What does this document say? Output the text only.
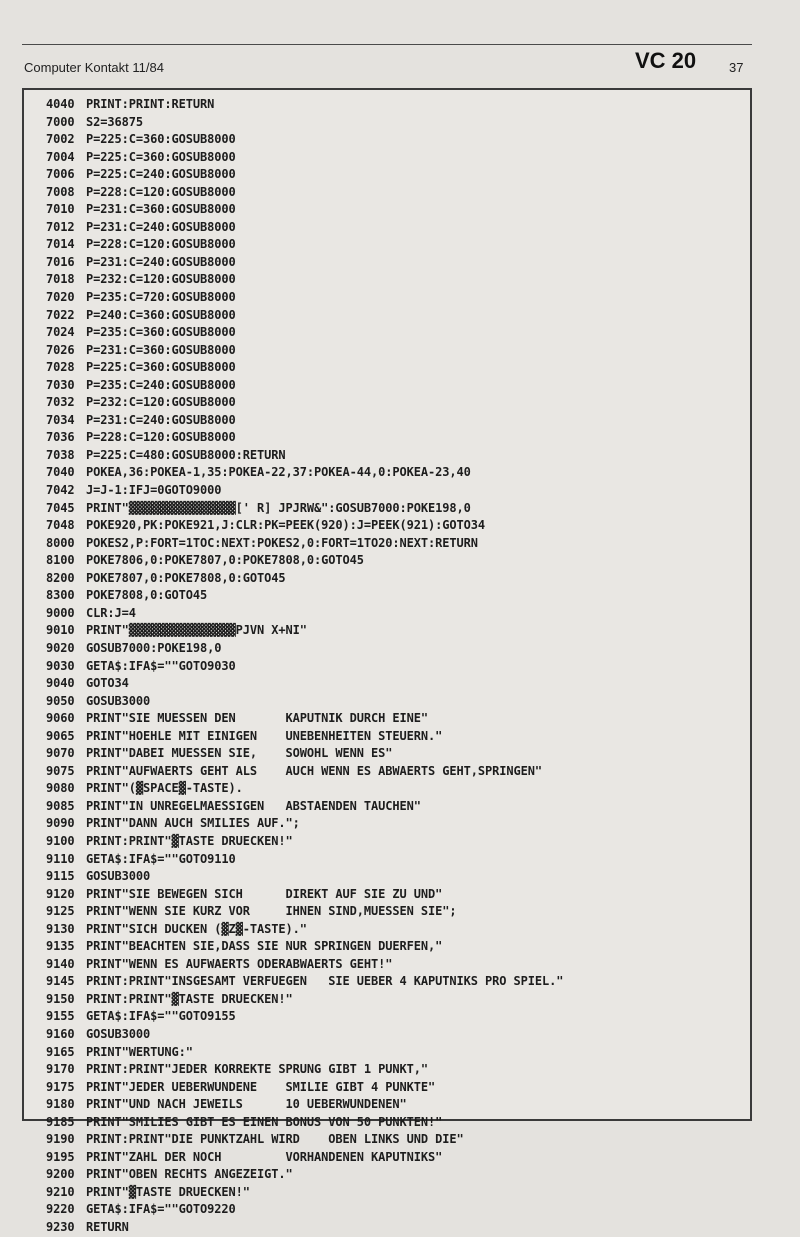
Computer Kontakt 11/84	VC 20	37
4040 PRINT:PRINT:RETURN
7000 S2=36875
7002 P=225:C=360:GOSUB8000
7004 P=225:C=360:GOSUB8000
7006 P=225:C=240:GOSUB8000
7008 P=228:C=120:GOSUB8000
7010 P=231:C=360:GOSUB8000
7012 P=231:C=240:GOSUB8000
7014 P=228:C=120:GOSUB8000
7016 P=231:C=240:GOSUB8000
7018 P=232:C=120:GOSUB8000
7020 P=235:C=720:GOSUB8000
7022 P=240:C=360:GOSUB8000
7024 P=235:C=360:GOSUB8000
7026 P=231:C=360:GOSUB8000
7028 P=225:C=360:GOSUB8000
7030 P=235:C=240:GOSUB8000
7032 P=232:C=120:GOSUB8000
7034 P=231:C=240:GOSUB8000
7036 P=228:C=120:GOSUB8000
7038 P=225:C=480:GOSUB8000:RETURN
7040 POKEA,36:POKEA-1,35:POKEA-22,37:POKEA-44,0:POKEA-23,40
7042 J=J-1:IFJ=0GOTO9000
7045 PRINT"▓▓▓▓▓▓▓▓▓▓▓▓▓▓▓[' R] JPJRW&":GOSUB7000:POKE198,0
7048 POKE920,PK:POKE921,J:CLR:PK=PEEK(920):J=PEEK(921):GOTO34
8000 POKES2,P:FORT=1TOC:NEXT:POKES2,0:FORT=1TO20:NEXT:RETURN
8100 POKE7806,0:POKE7807,0:POKE7808,0:GOTO45
8200 POKE7807,0:POKE7808,0:GOTO45
8300 POKE7808,0:GOTO45
9000 CLR:J=4
9010 PRINT"▓▓▓▓▓▓▓▓▓▓▓▓▓▓▓PJVN X+NI"
9020 GOSUB7000:POKE198,0
9030 GETA$:IFA$=""GOTO9030
9040 GOTO34
9050 GOSUB3000
9060 PRINT"SIE MUESSEN DEN       KAPUTNIK DURCH EINE"
9065 PRINT"HOEHLE MIT EINIGEN    UNEBENHEITEN STEUERN."
9070 PRINT"DABEI MUESSEN SIE,    SOWOHL WENN ES"
9075 PRINT"AUFWAERTS GEHT ALS    AUCH WENN ES ABWAERTS GEHT,SPRINGEN"
9080 PRINT"(▓SPACE▓-TASTE).
9085 PRINT"IN UNREGELMAESSIGEN   ABSTAENDEN TAUCHEN"
9090 PRINT"DANN AUCH SMILIES AUF.";
9100 PRINT:PRINT"▓TASTE DRUECKEN!"
9110 GETA$:IFA$=""GOTO9110
9115 GOSUB3000
9120 PRINT"SIE BEWEGEN SICH      DIREKT AUF SIE ZU UND"
9125 PRINT"WENN SIE KURZ VOR     IHNEN SIND,MUESSEN SIE";
9130 PRINT"SICH DUCKEN (▓Z▓-TASTE)."
9135 PRINT"BEACHTEN SIE,DASS SIE NUR SPRINGEN DUERFEN,"
9140 PRINT"WENN ES AUFWAERTS ODERABWAERTS GEHT!"
9145 PRINT:PRINT"INSGESAMT VERFUEGEN   SIE UEBER 4 KAPUTNIKS PRO SPIEL."
9150 PRINT:PRINT"▓TASTE DRUECKEN!"
9155 GETA$:IFA$=""GOTO9155
9160 GOSUB3000
9165 PRINT"WERTUNG:"
9170 PRINT:PRINT"JEDER KORREKTE SPRUNG GIBT 1 PUNKT,"
9175 PRINT"JEDER UEBERWUNDENE    SMILIE GIBT 4 PUNKTE"
9180 PRINT"UND NACH JEWEILS      10 UEBERWUNDENEN"
9185 PRINT"SMILIES GIBT ES EINEN BONUS VON 50 PUNKTEN!"
9190 PRINT:PRINT"DIE PUNKTZAHL WIRD    OBEN LINKS UND DIE"
9195 PRINT"ZAHL DER NOCH         VORHANDENEN KAPUTNIKS"
9200 PRINT"OBEN RECHTS ANGEZEIGT."
9210 PRINT"▓TASTE DRUECKEN!"
9220 GETA$:IFA$=""GOTO9220
9230 RETURN
